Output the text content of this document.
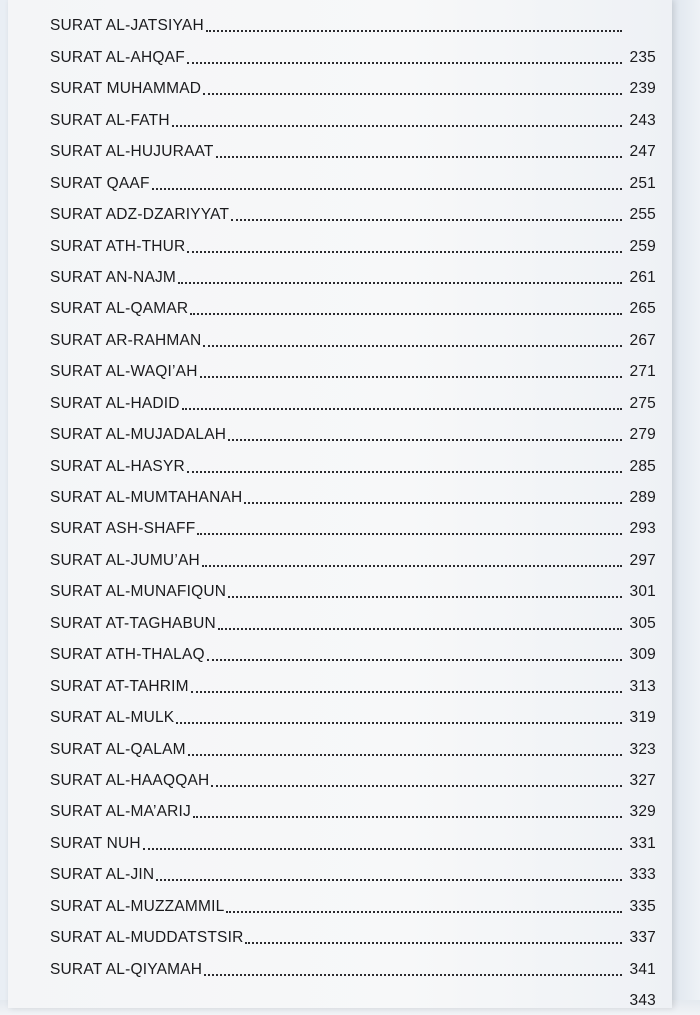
SURAT AL-JATSIYAH
SURAT AL-AHQAF	235
SURAT MUHAMMAD	239
SURAT AL-FATH	243
SURAT AL-HUJURAAT	247
SURAT QAAF	251
SURAT ADZ-DZARIYYAT	255
SURAT ATH-THUR	259
SURAT AN-NAJM	261
SURAT AL-QAMAR	265
SURAT AR-RAHMAN	267
SURAT AL-WAQI’AH	271
SURAT AL-HADID	275
SURAT AL-MUJADALAH	279
SURAT AL-HASYR	285
SURAT AL-MUMTAHANAH	289
SURAT ASH-SHAFF	293
SURAT AL-JUMU’AH	297
SURAT AL-MUNAFIQUN	301
SURAT AT-TAGHABUN	305
SURAT ATH-THALAQ	309
SURAT AT-TAHRIM	313
SURAT AL-MULK	319
SURAT AL-QALAM	323
SURAT AL-HAAQQAH	327
SURAT AL-MA’ARIJ	329
SURAT NUH	331
SURAT AL-JIN	333
SURAT AL-MUZZAMMIL	335
SURAT AL-MUDDATSTSIR	337
SURAT AL-QIYAMAH	341
343
